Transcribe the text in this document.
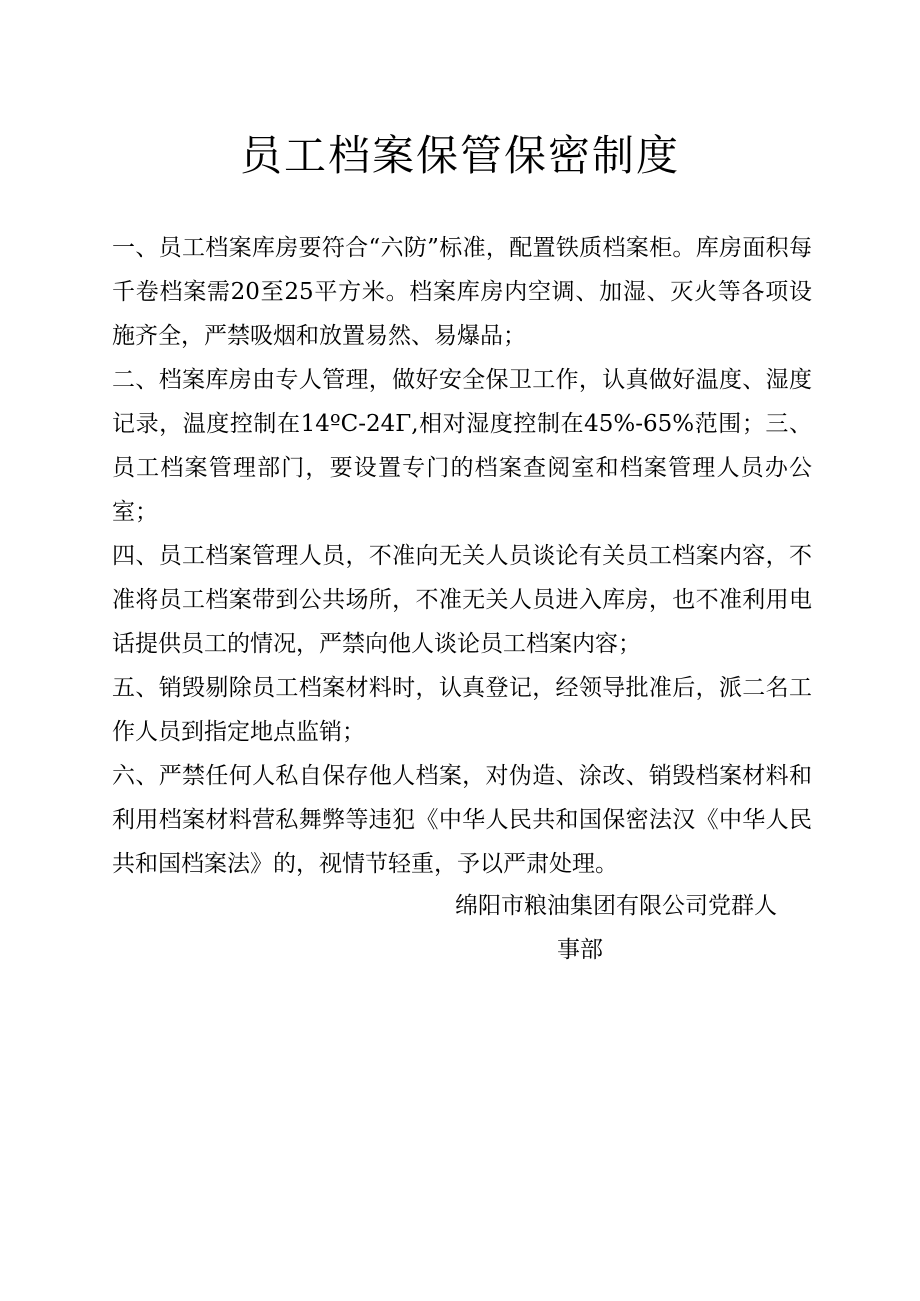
员工档案保管保密制度

一、员工档案库房要符合“六防”标准，配置铁质档案柜。库房面积每千卷档案需20至25平方米。档案库房内空调、加湿、灭火等各项设施齐全，严禁吸烟和放置易然、易爆品；

二、档案库房由专人管理，做好安全保卫工作，认真做好温度、湿度记录，温度控制在14ºC-24Γ,相对湿度控制在45%-65%范围；三、员工档案管理部门，要设置专门的档案查阅室和档案管理人员办公室；

四、员工档案管理人员，不准向无关人员谈论有关员工档案内容，不准将员工档案带到公共场所，不准无关人员进入库房，也不准利用电话提供员工的情况，严禁向他人谈论员工档案内容；

五、销毁剔除员工档案材料时，认真登记，经领导批准后，派二名工作人员到指定地点监销；

六、严禁任何人私自保存他人档案，对伪造、涂改、销毁档案材料和利用档案材料营私舞弊等违犯《中华人民共和国保密法汉《中华人民共和国档案法》的，视情节轻重，予以严肃处理。

绵阳市粮油集团有限公司党群人
事部
